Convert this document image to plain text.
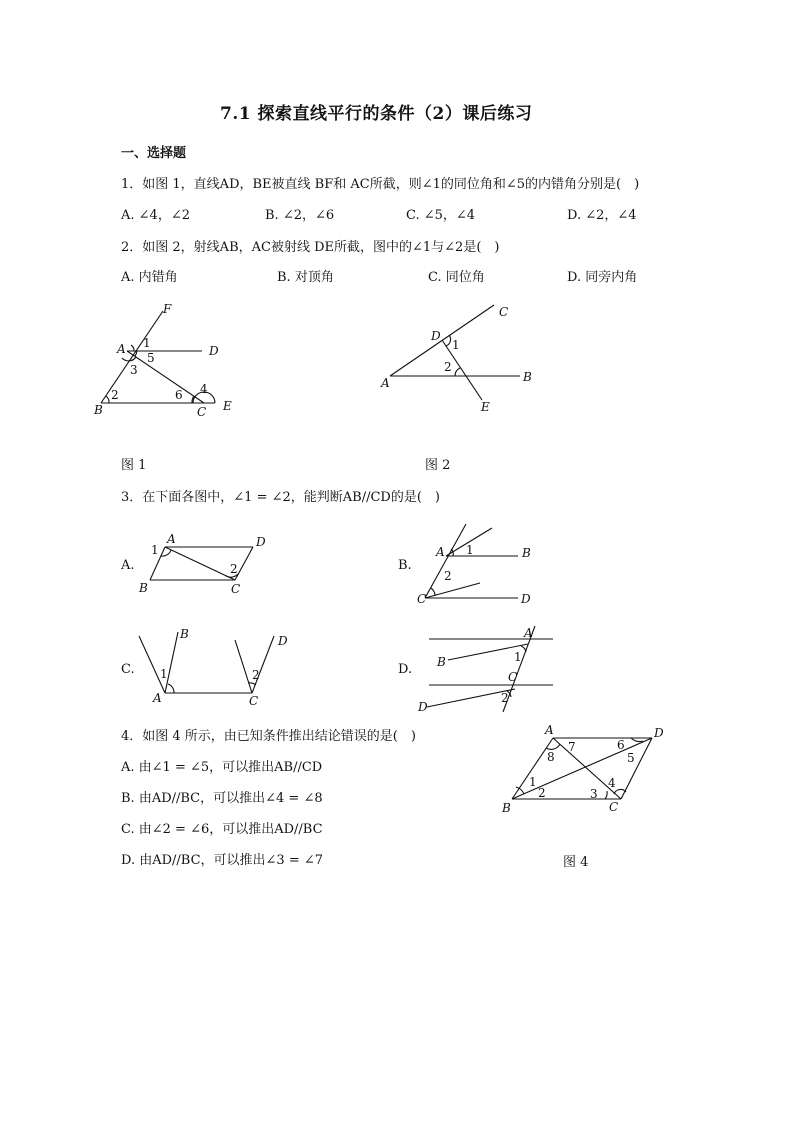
7.1 探索直线平行的条件（2）课后练习
一、选择题
1．如图 1，直线AD，BE被直线 BF和 AC所截，则∠1的同位角和∠5的内错角分别是(　)
A. ∠4，∠2	B. ∠2，∠6	C. ∠5，∠4	D. ∠2，∠4
2．如图 2，射线AB，AC被射线 DE所截，图中的∠1与∠2是(　)
A. 内错角	B. 对顶角	C. 同位角	D. 同旁内角
F
A	D
B	C E
1
5
3
2	6 4
图 1
C
D
A	B
E
1
2
图 2
3．在下面各图中，∠1 = ∠2，能判断AB//CD的是(　)
A.	B.
C.	D.
A	D
B	C
1
2
A	B
C	D
1
2
B
A
D
C
1	2
A
B
C
D
1
2
4．如图 4 所示，由已知条件推出结论错误的是(　)
A. 由∠1 = ∠5，可以推出AB//CD
B. 由AD//BC，可以推出∠4 = ∠8
C. 由∠2 = ∠6，可以推出AD//BC
D. 由AD//BC，可以推出∠3 = ∠7
A	D
B	C
1
2	3
4
5
6
7
8
图 4
